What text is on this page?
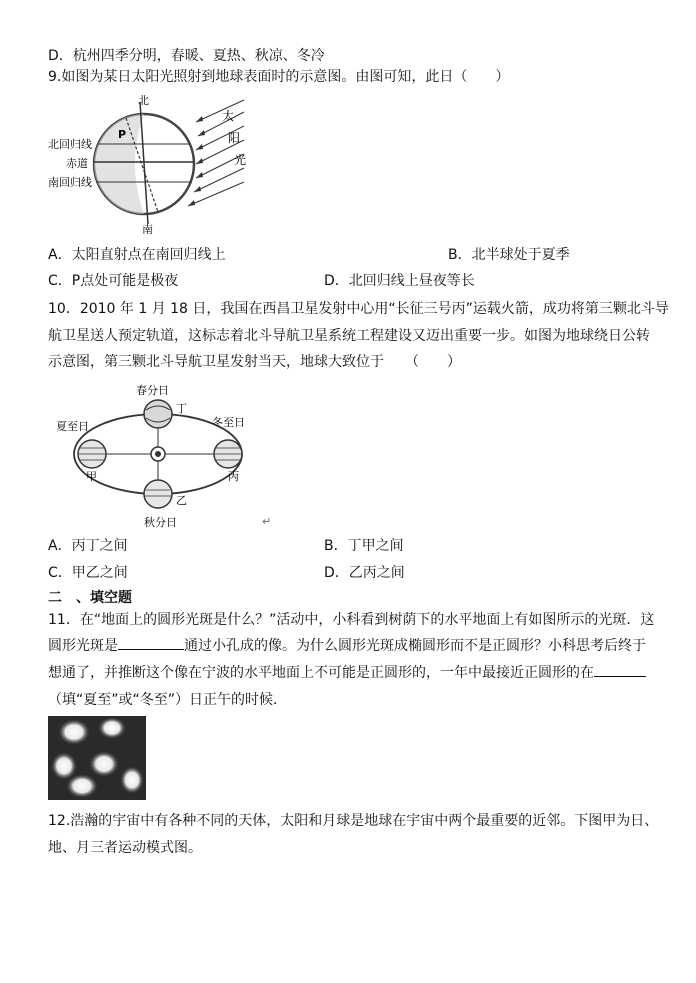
D．杭州四季分明，春暖、夏热、秋凉、冬冷
9.如图为某日太阳光照射到地球表面时的示意图。由图可知，此日（　　）
北
南
北回归线
赤道
南回归线
太
阳
光
P
A．太阳直射点在南回归线上	B．北半球处于夏季
C．P点处可能是极夜	D．北回归线上昼夜等长
10．2010 年 1 月 18 日，我国在西昌卫星发射中心用“长征三号丙”运载火箭，成功将第三颗北斗导
航卫星送人预定轨道，这标志着北斗导航卫星系统工程建设又迈出重要一步。如图为地球绕日公转
示意图，第三颗北斗导航卫星发射当天，地球大致位于　　（　　）
春分日
夏至日	冬至日
秋分日
甲
乙
丙
丁
↵
A．丙丁之间	B．丁甲之间
C．甲乙之间	D．乙丙之间
二　、填空题
11．在“地面上的圆形光斑是什么？”活动中，小科看到树荫下的水平地面上有如图所示的光斑．这
圆形光斑是	通过小孔成的像。为什么圆形光斑成椭圆形而不是正圆形？小科思考后终于
想通了，并推断这个像在宁波的水平地面上不可能是正圆形的，一年中最接近正圆形的在
（填“夏至”或“冬至”）日正午的时候．
12.浩瀚的宇宙中有各种不同的天体，太阳和月球是地球在宇宙中两个最重要的近邻。下图甲为日、
地、月三者运动模式图。
